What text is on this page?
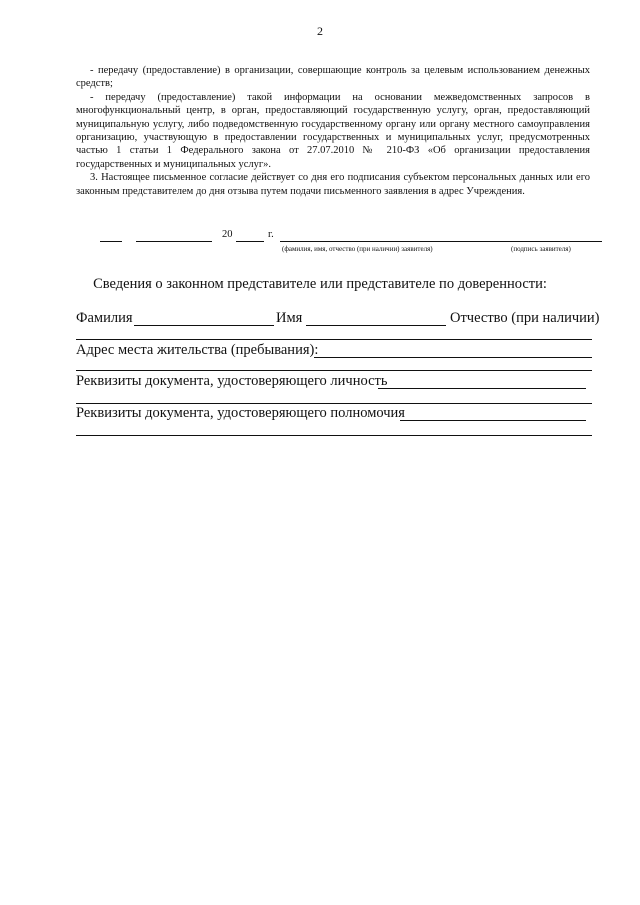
2

- передачу (предоставление) в организации, совершающие контроль за целевым использованием денежных средств;

- передачу (предоставление) такой информации на основании межведомственных запросов в многофункциональный центр, в орган, предоставляющий государственную услугу, орган, предоставляющий муниципальную услугу, либо подведомственную государственному органу или органу местного самоуправления организацию, участвующую в предоставлении государственных и муниципальных услуг, предусмотренных частью 1 статьи 1 Федерального закона от 27.07.2010 № 210-ФЗ «Об организации предоставления государственных и муниципальных услуг».

3. Настоящее письменное согласие действует со дня его подписания субъектом персональных данных или его законным представителем до дня отзыва путем подачи письменного заявления в адрес Учреждения.

20	г.
(фамилия, имя, отчество (при наличии) заявителя)	(подпись заявителя)
Сведения о законном представителе или представителе по доверенности:
Фамилия	Имя	Отчество (при наличии)
Адрес места жительства (пребывания):
Реквизиты документа, удостоверяющего личность
Реквизиты документа, удостоверяющего полномочия
